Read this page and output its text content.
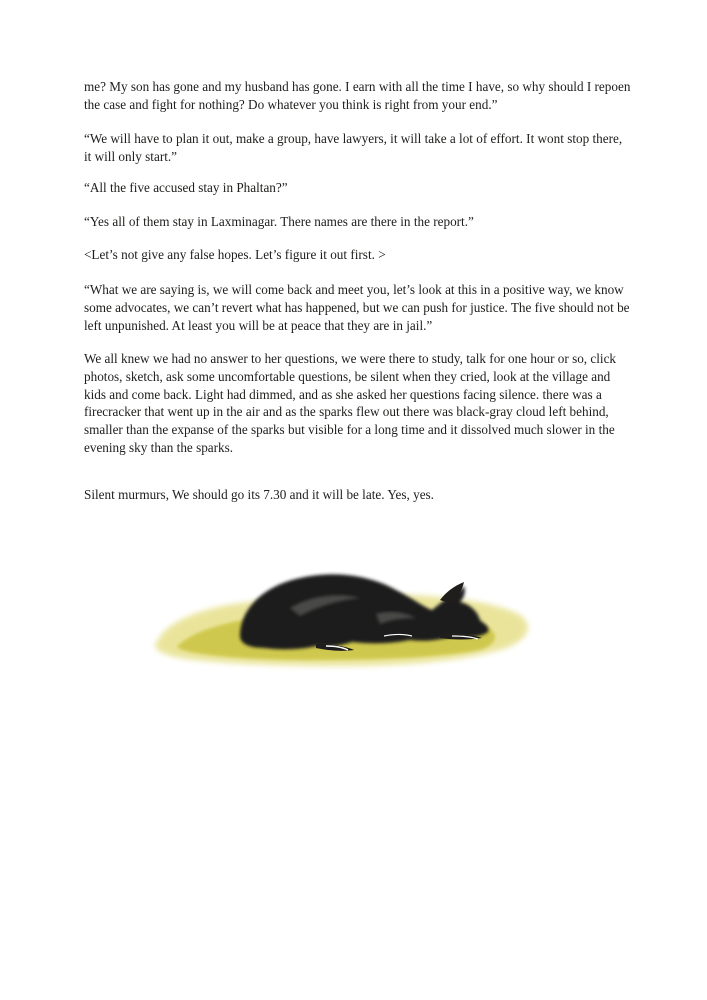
me? My son has gone and my husband has gone. I earn with all the time I have, so why should I repoen the case and fight for nothing? Do whatever you think is right from your end.”

“We will have to plan it out, make a group, have lawyers, it will take a lot of effort. It wont stop there, it will only start.”

“All the five accused stay in Phaltan?”

“Yes all of them stay in Laxminagar. There names are there in the report.”

<Let’s not give any false hopes. Let’s figure it out first. >

“What we are saying is, we will come back and meet you, let’s look at this in a positive way, we know some advocates, we can’t revert what has happened, but we can push for justice. The five should not be left unpunished. At least you will be at peace that they are in jail.”

We all knew we had no answer to her questions, we were there to study, talk for one hour or so, click photos, sketch, ask some uncomfortable questions, be silent when they cried, look at the village and kids and come back. Light had dimmed, and as she asked her questions facing silence. there was a firecracker that went up in the air and as the sparks flew out there was black-gray cloud left behind, smaller than the expanse of the sparks but visible for a long time and it dissolved much slower in the evening sky than the sparks.

Silent murmurs, We should go its 7.30 and it will be late. Yes, yes.
